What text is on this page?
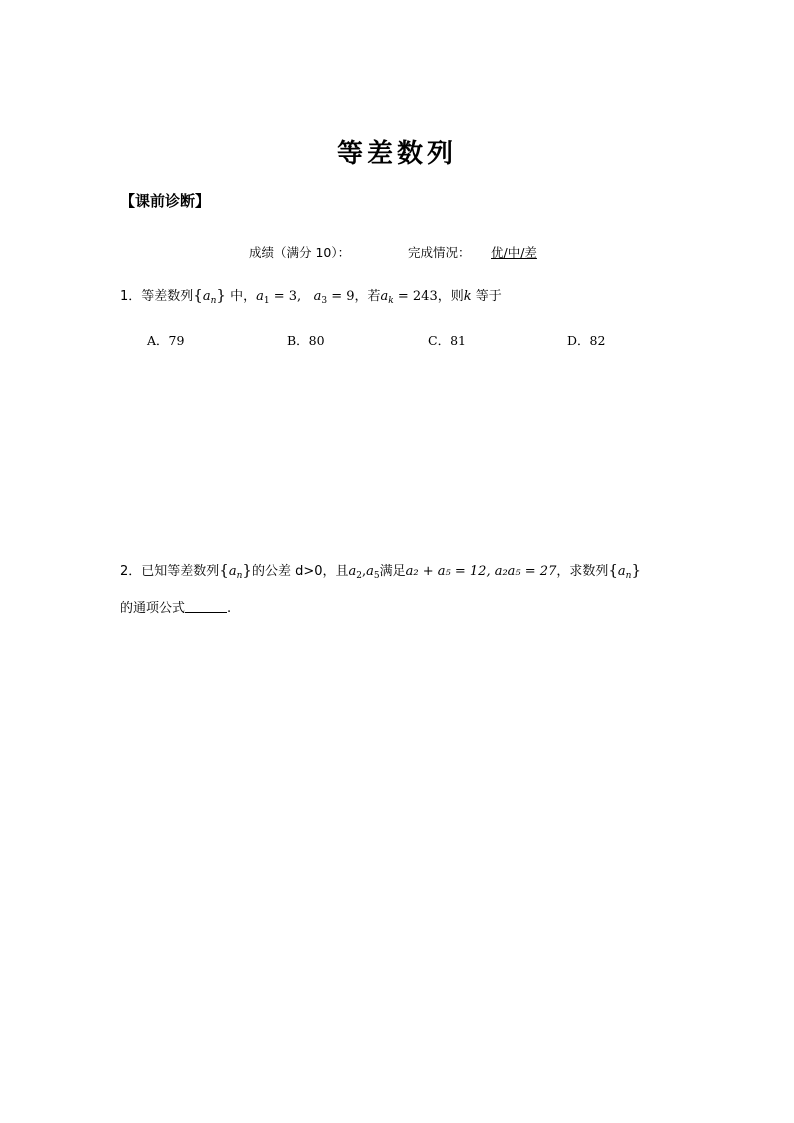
等差数列
【课前诊断】
成绩（满分 10）：	完成情况：	优/中/差
1．等差数列$\{a_n\}$ 中，$a_1 = 3$,   $a_3 = 9$，若$a_k = 243$，则k 等于
A．79	B．80	C．81	D．82
2．已知等差数列$\{a_n\}$的公差 d>0，且$a_2,a_5$满足a₂ + a₅ = 12, a₂a₅ = 27，求数列$\{a_n\}$
的通项公式	.
